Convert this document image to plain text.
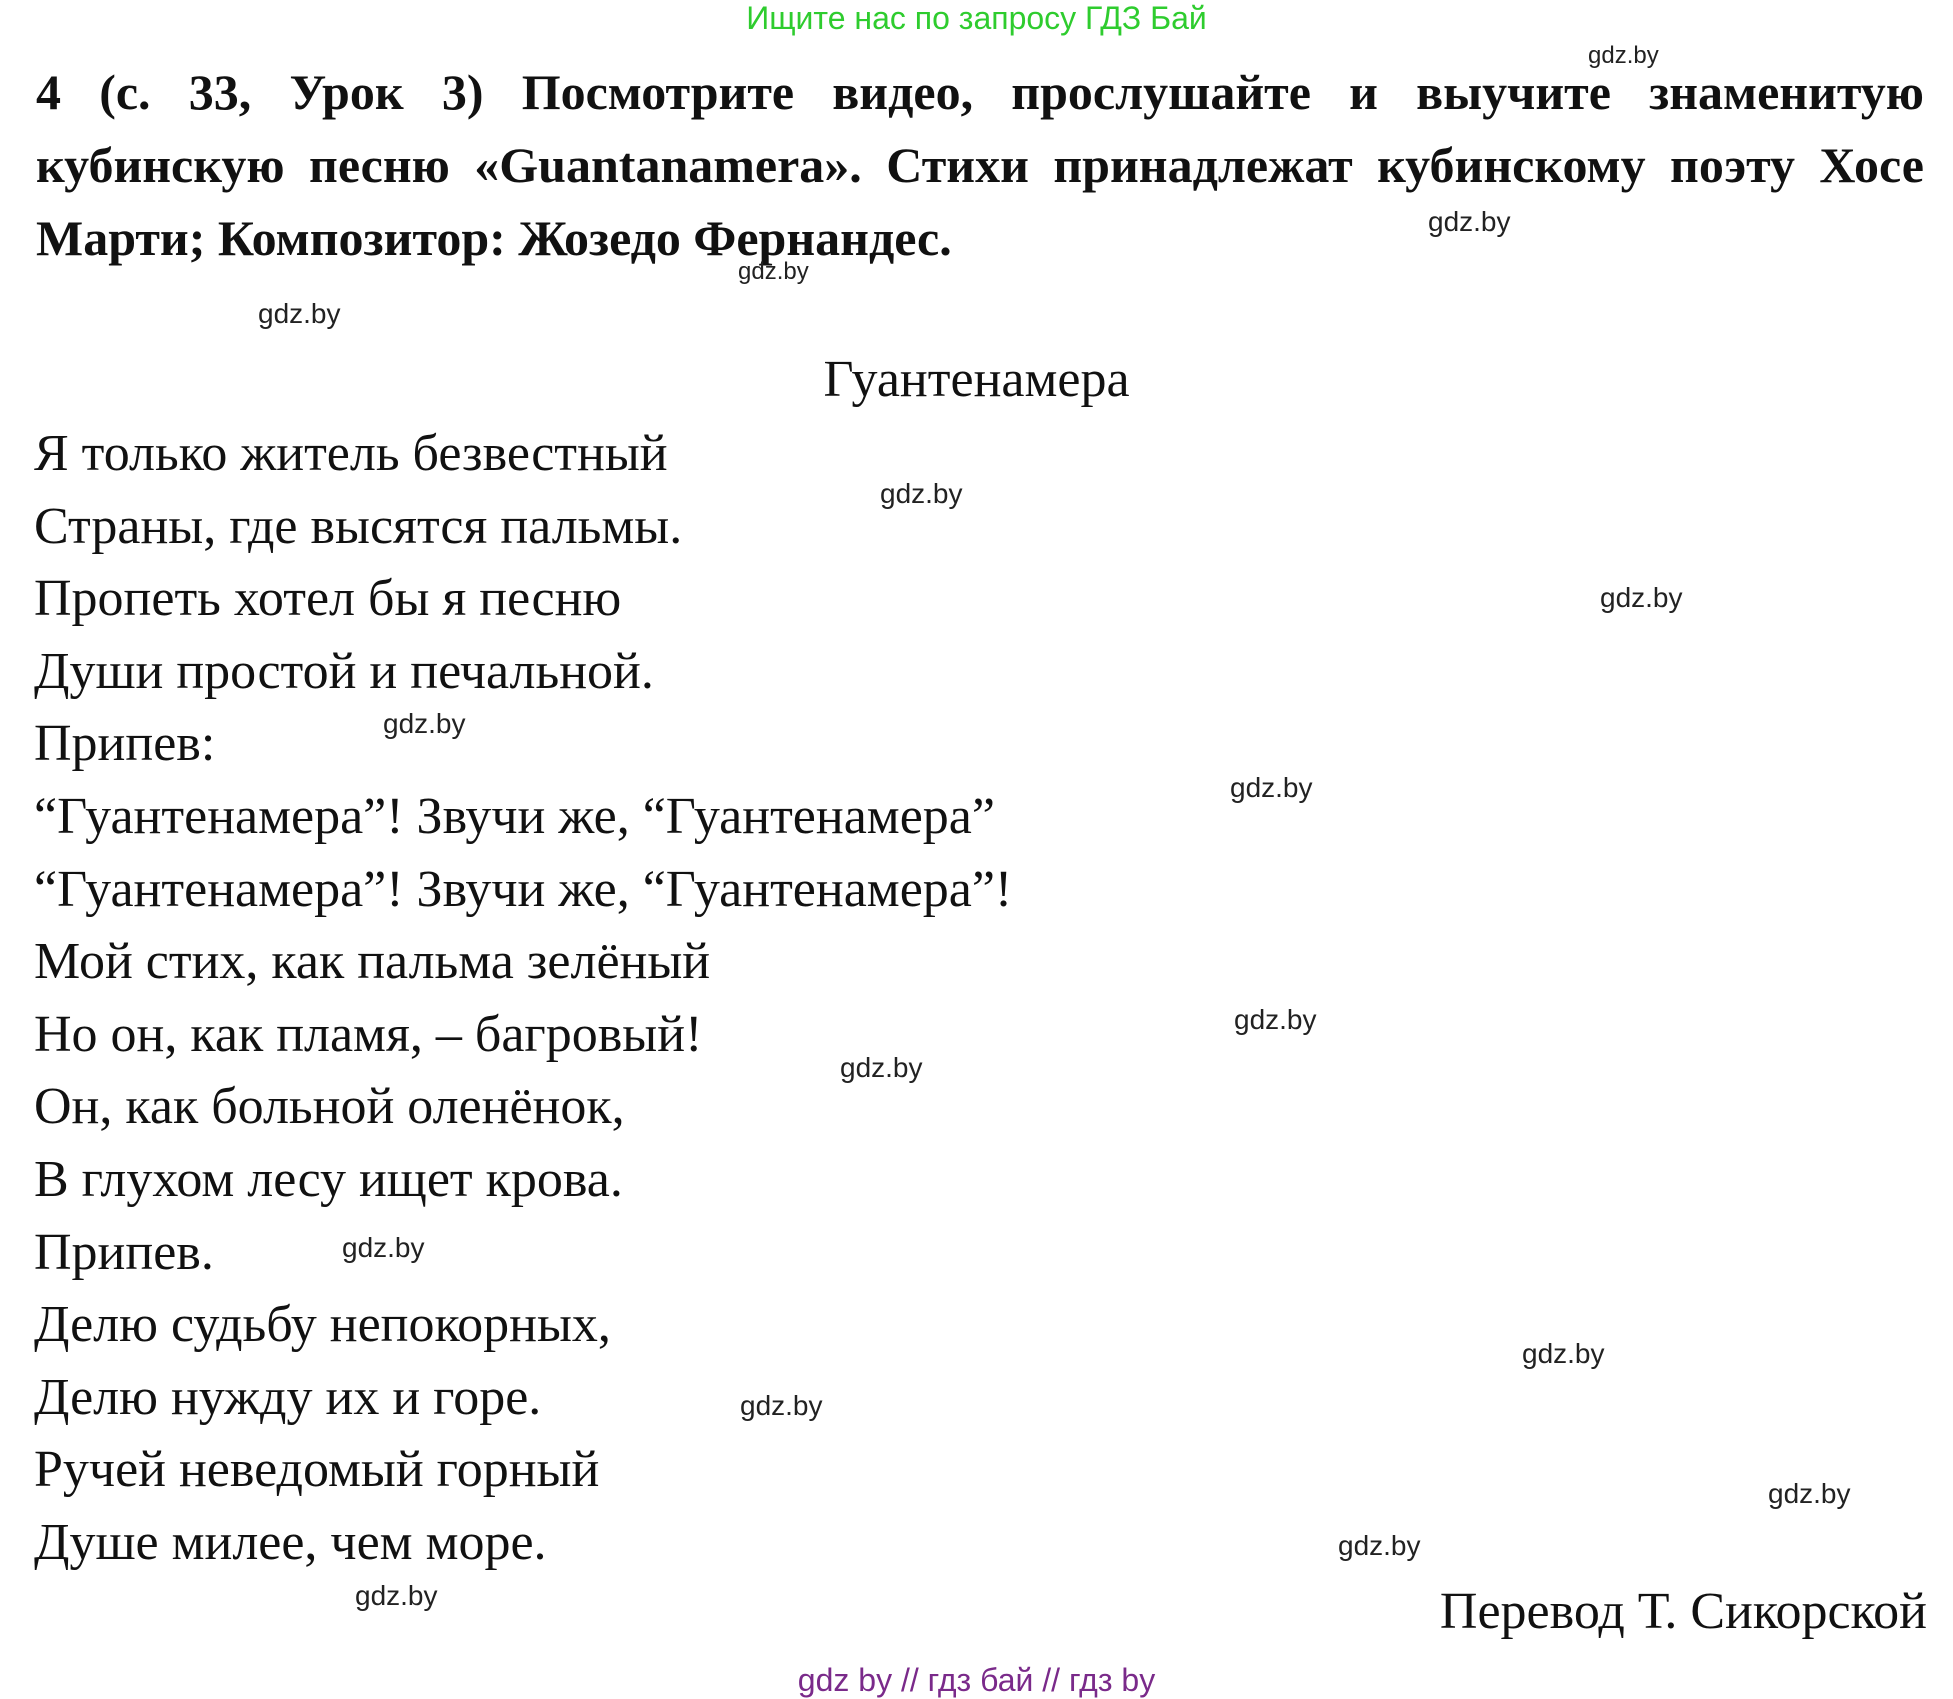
Ищите нас по запросу ГДЗ Бай
4 (с. 33, Урок 3) Посмотрите видео, прослушайте и выучите знаменитую кубинскую песню «Guantanamera». Стихи принадлежат кубинскому поэту Хосе Марти; Композитор: Жозедо Фернандес.
Гуантенамера
Я только житель безвестный
Страны, где высятся пальмы.
Пропеть хотел бы я песню
Души простой и печальной.
Припев:
“Гуантенамера”! Звучи же, “Гуантенамера”
“Гуантенамера”! Звучи же, “Гуантенамера”!
Мой стих, как пальма зелёный
Но он, как пламя, – багровый!
Он, как больной оленёнок,
В глухом лесу ищет крова.
Припев.
Делю судьбу непокорных,
Делю нужду их и горе.
Ручей неведомый горный
Душе милее, чем море.
Перевод Т. Сикорской
gdz.by
gdz.by
gdz.by
gdz.by
gdz.by
gdz.by
gdz.by
gdz.by
gdz.by
gdz.by
gdz.by
gdz.by
gdz.by
gdz.by
gdz.by
gdz.by
gdz by // гдз бай // гдз by
